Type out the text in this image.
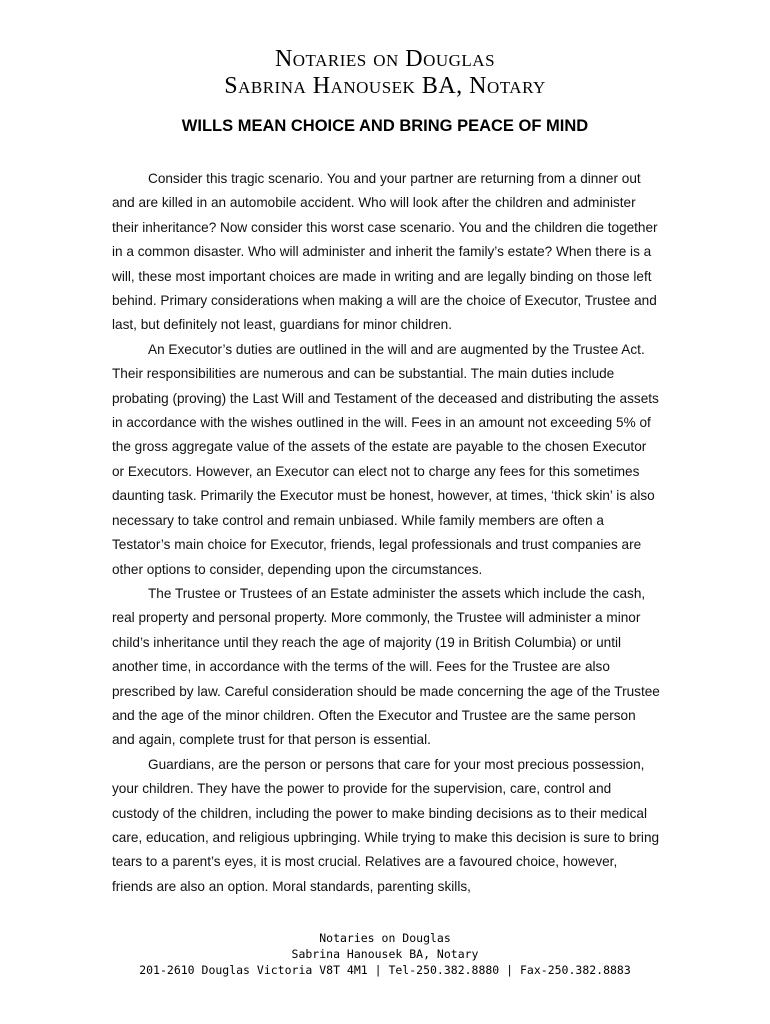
Notaries on Douglas
Sabrina Hanousek BA, Notary
WILLS MEAN CHOICE AND BRING PEACE OF MIND

Consider this tragic scenario. You and your partner are returning from a dinner out and are killed in an automobile accident. Who will look after the children and administer their inheritance? Now consider this worst case scenario. You and the children die together in a common disaster. Who will administer and inherit the family’s estate? When there is a will, these most important choices are made in writing and are legally binding on those left behind. Primary considerations when making a will are the choice of Executor, Trustee and last, but definitely not least, guardians for minor children.

An Executor’s duties are outlined in the will and are augmented by the Trustee Act. Their responsibilities are numerous and can be substantial. The main duties include probating (proving) the Last Will and Testament of the deceased and distributing the assets in accordance with the wishes outlined in the will. Fees in an amount not exceeding 5% of the gross aggregate value of the assets of the estate are payable to the chosen Executor or Executors. However, an Executor can elect not to charge any fees for this sometimes daunting task. Primarily the Executor must be honest, however, at times, ‘thick skin’ is also necessary to take control and remain unbiased. While family members are often a Testator’s main choice for Executor, friends, legal professionals and trust companies are other options to consider, depending upon the circumstances.

The Trustee or Trustees of an Estate administer the assets which include the cash, real property and personal property. More commonly, the Trustee will administer a minor child’s inheritance until they reach the age of majority (19 in British Columbia) or until another time, in accordance with the terms of the will. Fees for the Trustee are also prescribed by law. Careful consideration should be made concerning the age of the Trustee and the age of the minor children. Often the Executor and Trustee are the same person and again, complete trust for that person is essential.

Guardians, are the person or persons that care for your most precious possession, your children. They have the power to provide for the supervision, care, control and custody of the children, including the power to make binding decisions as to their medical care, education, and religious upbringing. While trying to make this decision is sure to bring tears to a parent’s eyes, it is most crucial. Relatives are a favoured choice, however, friends are also an option. Moral standards, parenting skills,

Notaries on Douglas
Sabrina Hanousek BA, Notary
201-2610 Douglas Victoria V8T 4M1 | Tel-250.382.8880 | Fax-250.382.8883
